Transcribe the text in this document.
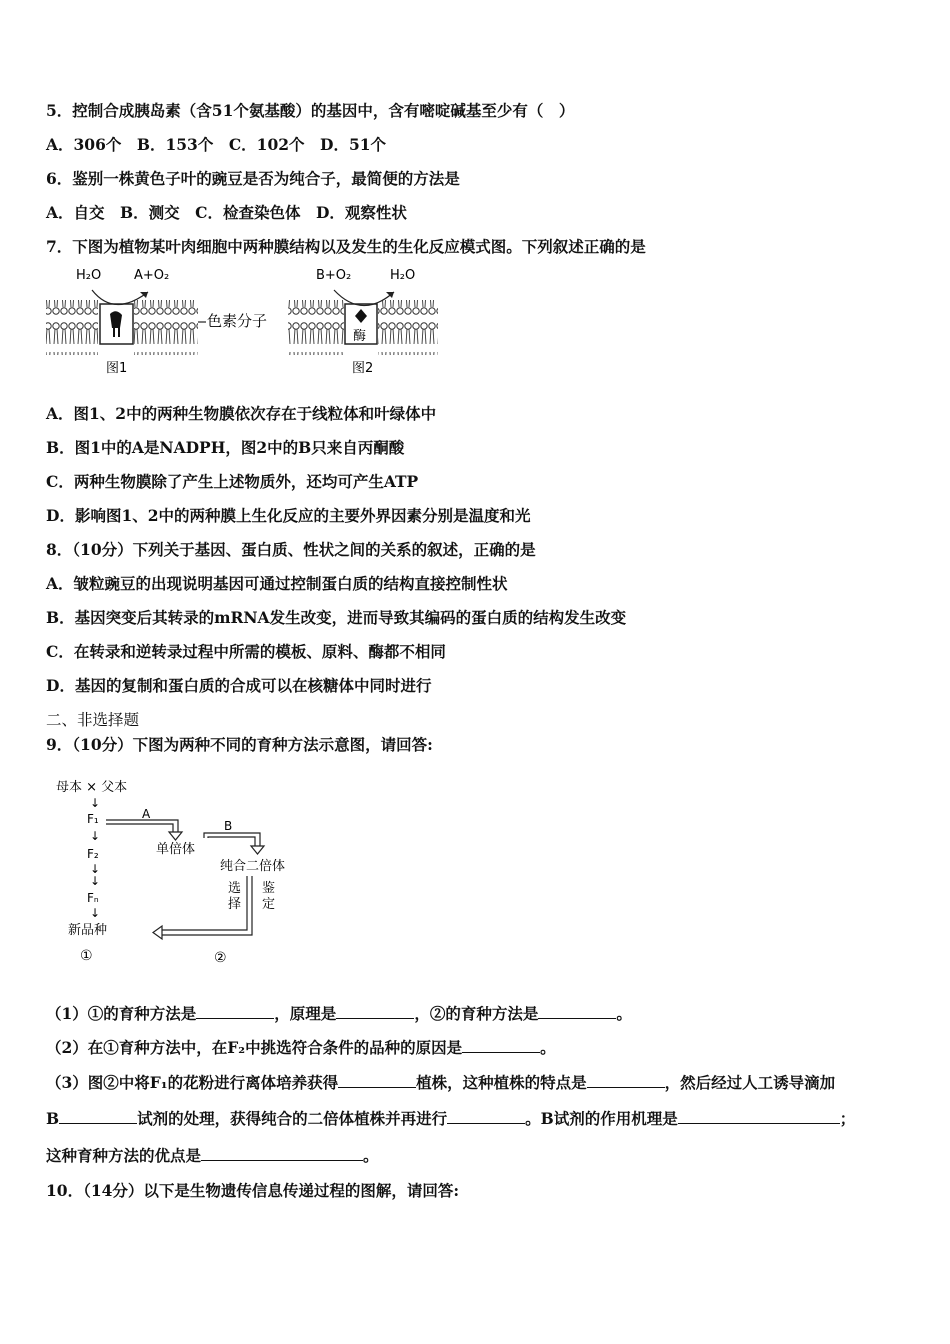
5．控制合成胰岛素（含51个氨基酸）的基因中，含有嘧啶碱基至少有（　）
A．306个　B．153个　C．102个　D．51个
6．鉴别一株黄色子叶的豌豆是否为纯合子，最简便的方法是
A．自交　B．测交　C．检查染色体　D．观察性状
7．下图为植物某叶肉细胞中两种膜结构以及发生的生化反应模式图。下列叙述正确的是
H₂O	A+O₂
色素分子
图1
酶
B+O₂	H₂O
图2
A．图1、2中的两种生物膜依次存在于线粒体和叶绿体中
B．图1中的A是NADPH，图2中的B只来自丙酮酸
C．两种生物膜除了产生上述物质外，还均可产生ATP
D．影响图1、2中的两种膜上生化反应的主要外界因素分别是温度和光
8．（10分）下列关于基因、蛋白质、性状之间的关系的叙述，正确的是
A．皱粒豌豆的出现说明基因可通过控制蛋白质的结构直接控制性状
B．基因突变后其转录的mRNA发生改变，进而导致其编码的蛋白质的结构发生改变
C．在转录和逆转录过程中所需的模板、原料、酶都不相同
D．基因的复制和蛋白质的合成可以在核糖体中同时进行
二、非选择题
9．（10分）下图为两种不同的育种方法示意图，请回答:
母本 × 父本
↓
F₁
↓
F₂
↓
↓
Fₙ
↓
新品种
①
A
单倍体
B
纯合二倍体
选择
鉴定
②
（1）①的育种方法是	，原理是	，②的育种方法是	。
（2）在①育种方法中，在F₂中挑选符合条件的品种的原因是	。
（3）图②中将F₁的花粉进行离体培养获得	植株，这种植株的特点是	，然后经过人工诱导滴加
B	试剂的处理，获得纯合的二倍体植株并再进行	。B试剂的作用机理是	；
这种育种方法的优点是	。
10．（14分）以下是生物遗传信息传递过程的图解，请回答:
